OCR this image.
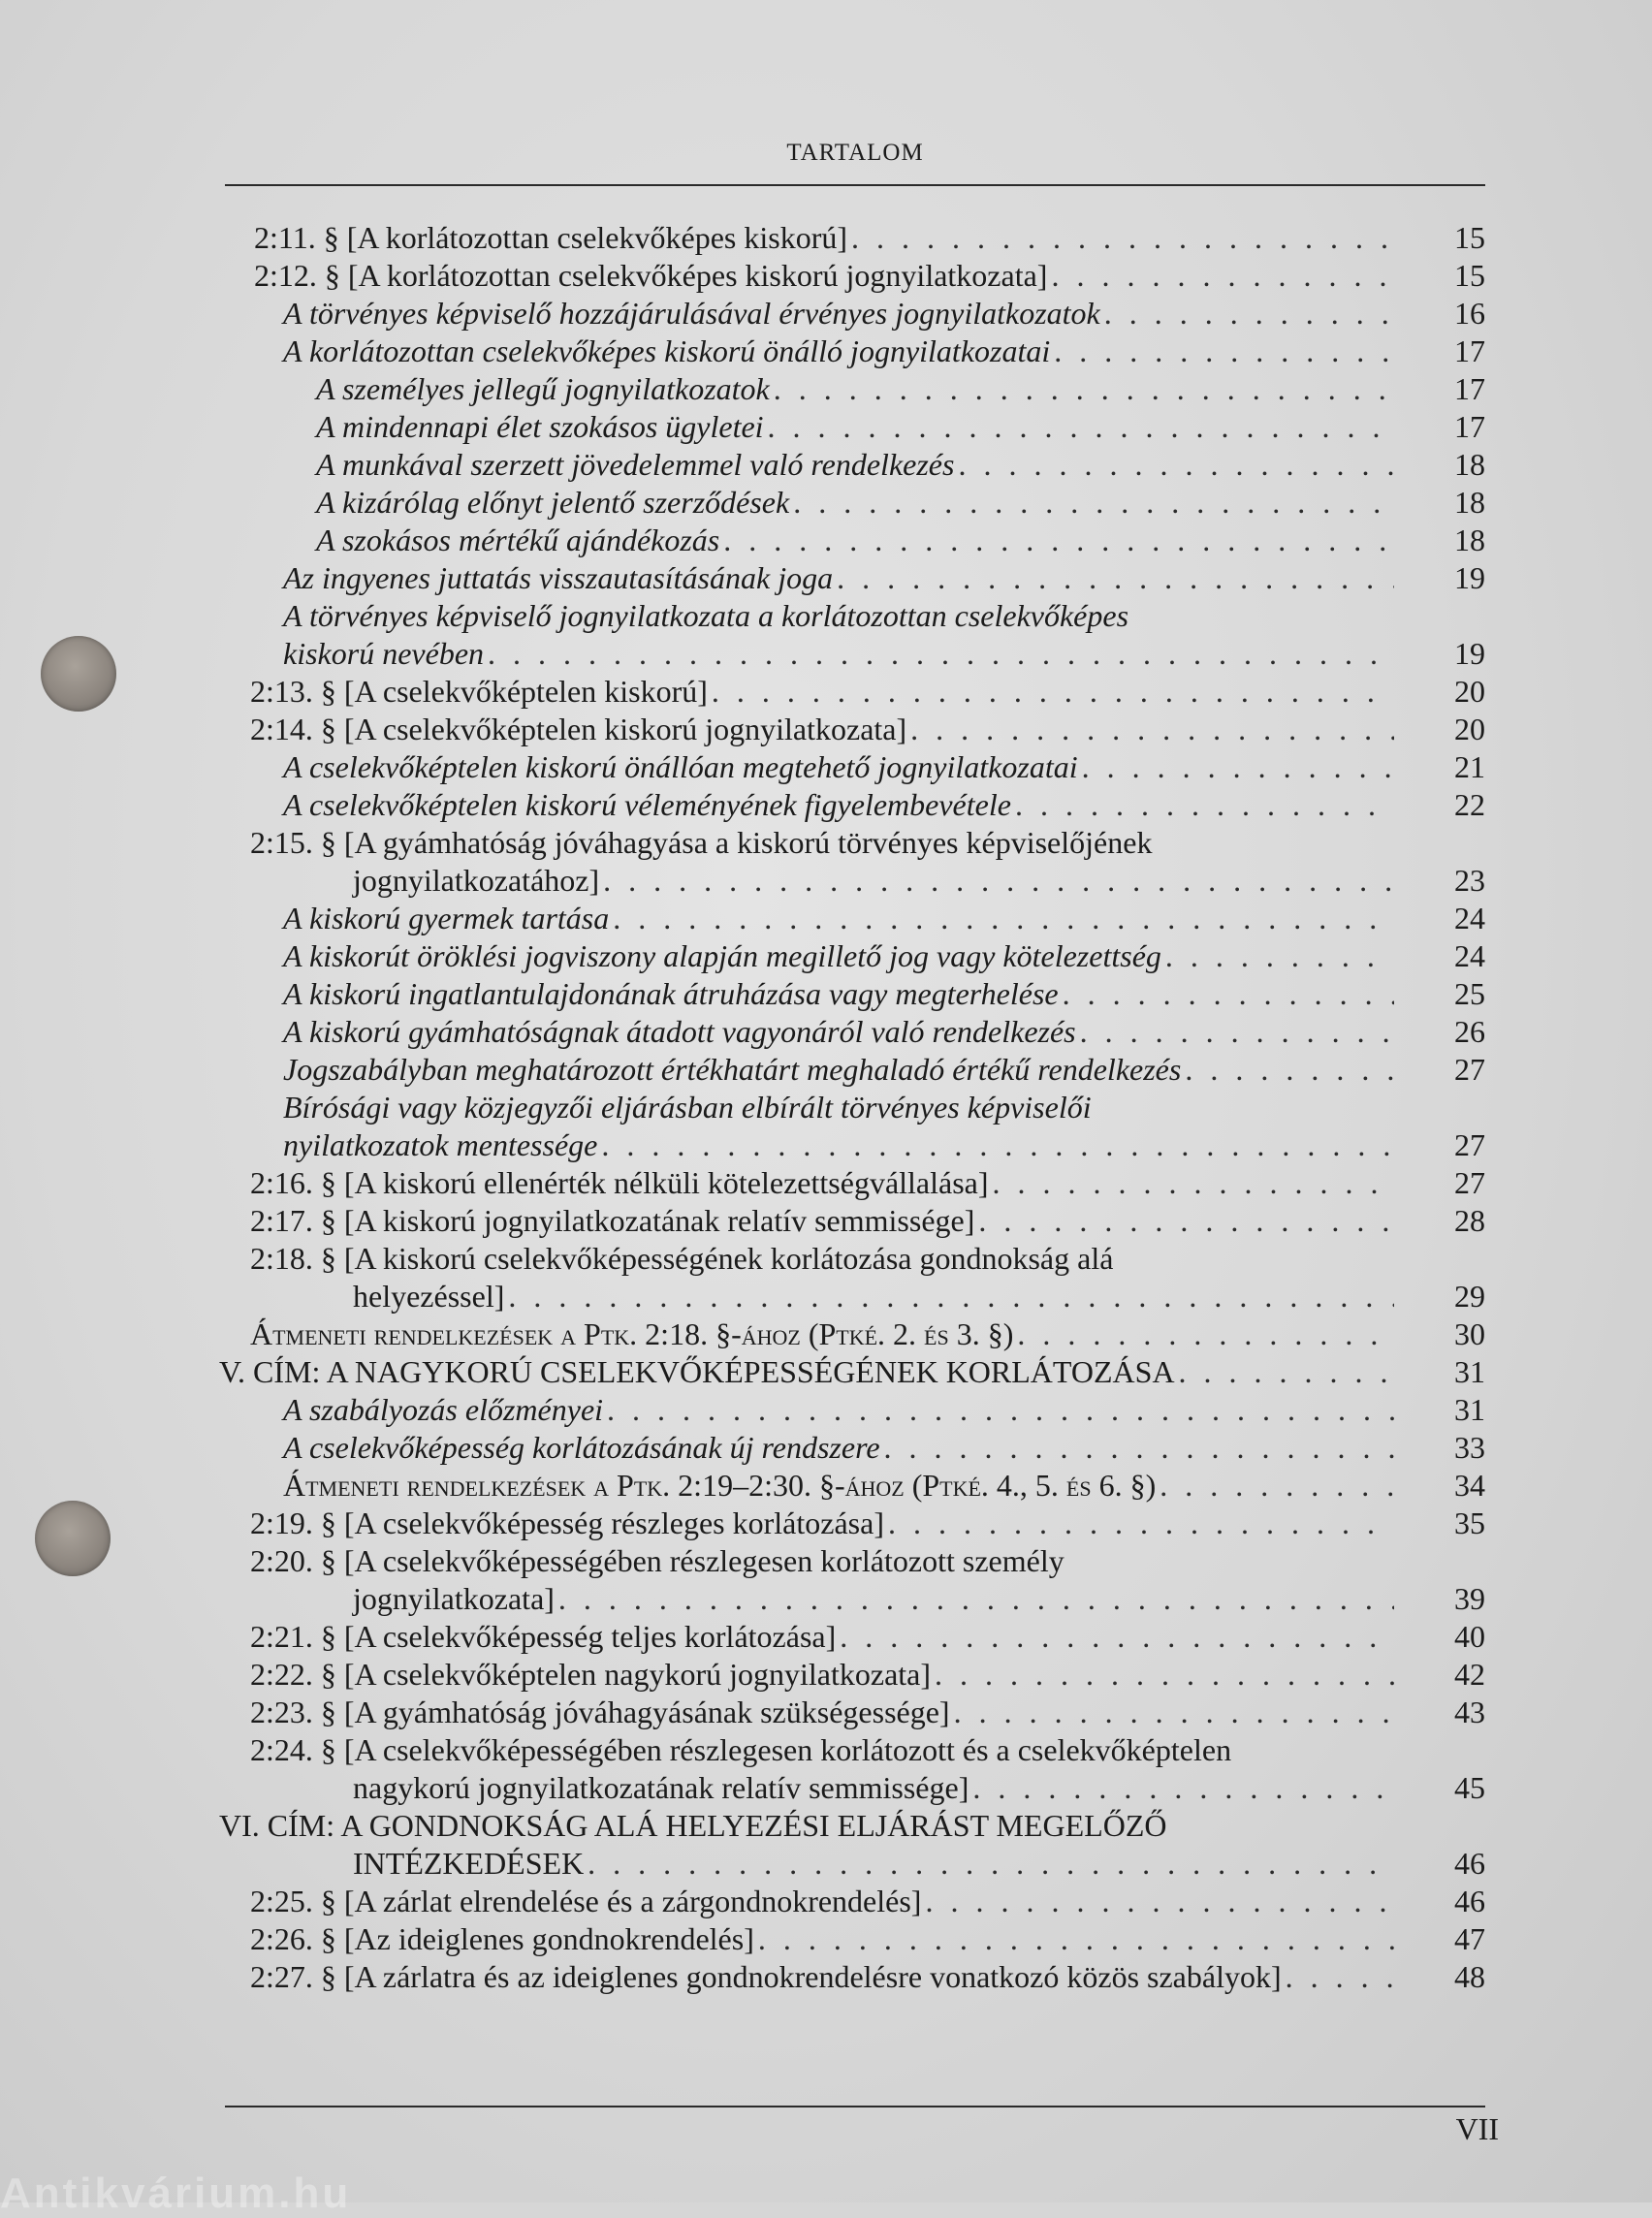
TARTALOM
2:11. § [A korlátozottan cselekvőképes kiskorú] . . .	15
2:12. § [A korlátozottan cselekvőképes kiskorú jognyilatkozata] . . .	15
A törvényes képviselő hozzájárulásával érvényes jognyilatkozatok . . .	16
A korlátozottan cselekvőképes kiskorú önálló jognyilatkozatai . . .	17
A személyes jellegű jognyilatkozatok . . .	17
A mindennapi élet szokásos ügyletei . . .	17
A munkával szerzett jövedelemmel való rendelkezés . . .	18
A kizárólag előnyt jelentő szerződések . . .	18
A szokásos mértékű ajándékozás . . .	18
Az ingyenes juttatás visszautasításának joga . . .	19
A törvényes képviselő jognyilatkozata a korlátozottan cselekvőképes
kiskorú nevében . . .	19
2:13. § [A cselekvőképtelen kiskorú] . . .	20
2:14. § [A cselekvőképtelen kiskorú jognyilatkozata] . . .	20
A cselekvőképtelen kiskorú önállóan megtehető jognyilatkozatai . . .	21
A cselekvőképtelen kiskorú véleményének figyelembevétele . . .	22
2:15. § [A gyámhatóság jóváhagyása a kiskorú törvényes képviselőjének
jognyilatkozatához] . . .	23
A kiskorú gyermek tartása . . .	24
A kiskorút öröklési jogviszony alapján megillető jog vagy kötelezettség . . .	24
A kiskorú ingatlantulajdonának átruházása vagy megterhelése . . .	25
A kiskorú gyámhatóságnak átadott vagyonáról való rendelkezés . . .	26
Jogszabályban meghatározott értékhatárt meghaladó értékű rendelkezés . . .	27
Bírósági vagy közjegyzői eljárásban elbírált törvényes képviselői
nyilatkozatok mentessége . . .	27
2:16. § [A kiskorú ellenérték nélküli kötelezettségvállalása] . . .	27
2:17. § [A kiskorú jognyilatkozatának relatív semmissége] . . .	28
2:18. § [A kiskorú cselekvőképességének korlátozása gondnokság alá
helyezéssel] . . .	29
Átmeneti rendelkezések a Ptk. 2:18. §-ához (Ptké. 2. és 3. §) . . .	30
V. CÍM: A NAGYKORÚ CSELEKVŐKÉPESSÉGÉNEK KORLÁTOZÁSA . . .	31
A szabályozás előzményei . . .	31
A cselekvőképesség korlátozásának új rendszere . . .	33
Átmeneti rendelkezések a Ptk. 2:19–2:30. §-ához (Ptké. 4., 5. és 6. §) . . .	34
2:19. § [A cselekvőképesség részleges korlátozása] . . .	35
2:20. § [A cselekvőképességében részlegesen korlátozott személy
jognyilatkozata] . . .	39
2:21. § [A cselekvőképesség teljes korlátozása] . . .	40
2:22. § [A cselekvőképtelen nagykorú jognyilatkozata] . . .	42
2:23. § [A gyámhatóság jóváhagyásának szükségessége] . . .	43
2:24. § [A cselekvőképességében részlegesen korlátozott és a cselekvőképtelen
nagykorú jognyilatkozatának relatív semmissége] . . .	45
VI. CÍM: A GONDNOKSÁG ALÁ HELYEZÉSI ELJÁRÁST MEGELŐZŐ
INTÉZKEDÉSEK . . .	46
2:25. § [A zárlat elrendelése és a zárgondnokrendelés] . . .	46
2:26. § [Az ideiglenes gondnokrendelés] . . .	47
2:27. § [A zárlatra és az ideiglenes gondnokrendelésre vonatkozó közös szabályok] . . .	48
VII
Antikvárium.hu
